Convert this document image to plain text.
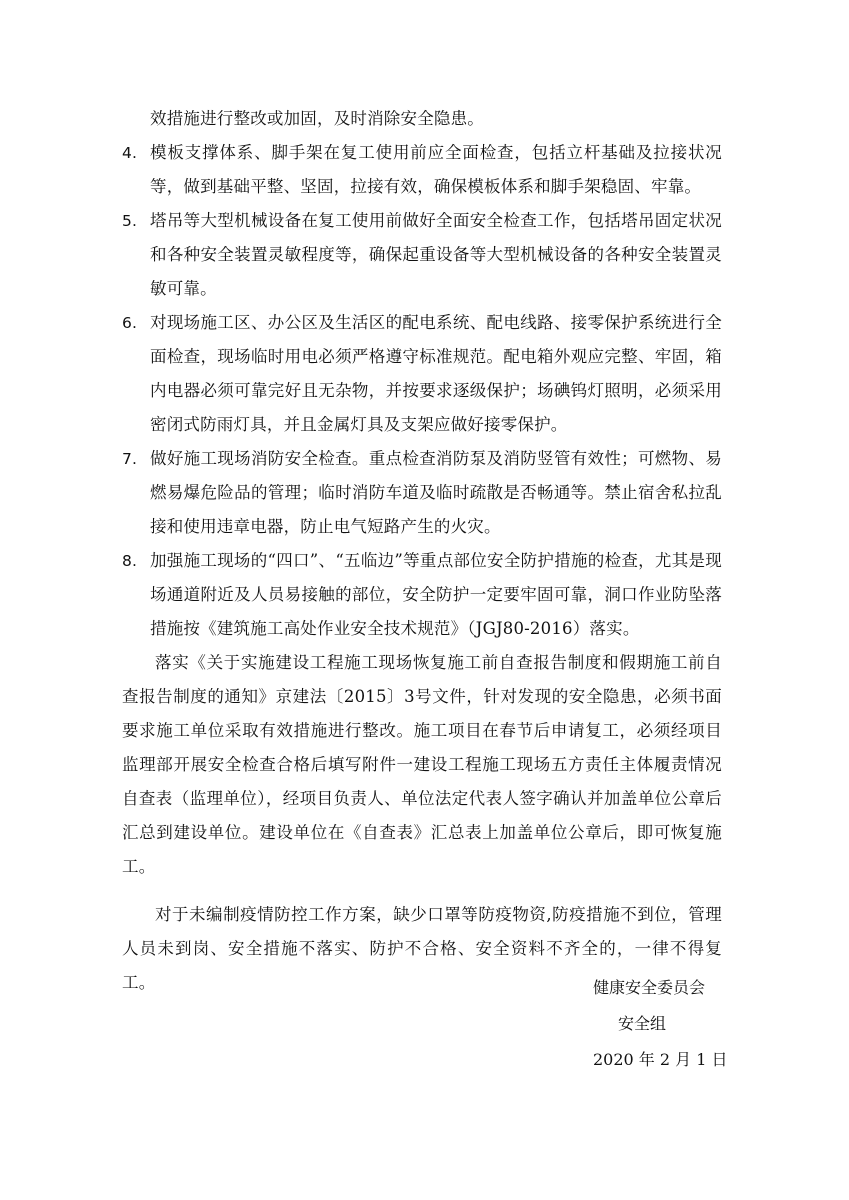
效措施进行整改或加固，及时消除安全隐患。

4. 模板支撑体系、脚手架在复工使用前应全面检查，包括立杆基础及拉接状况等，做到基础平整、坚固，拉接有效，确保模板体系和脚手架稳固、牢靠。
5. 塔吊等大型机械设备在复工使用前做好全面安全检查工作，包括塔吊固定状况和各种安全装置灵敏程度等，确保起重设备等大型机械设备的各种安全装置灵敏可靠。
6. 对现场施工区、办公区及生活区的配电系统、配电线路、接零保护系统进行全面检查，现场临时用电必须严格遵守标准规范。配电箱外观应完整、牢固，箱内电器必须可靠完好且无杂物，并按要求逐级保护；场碘钨灯照明，必须采用密闭式防雨灯具，并且金属灯具及支架应做好接零保护。
7. 做好施工现场消防安全检查。重点检查消防泵及消防竖管有效性；可燃物、易燃易爆危险品的管理；临时消防车道及临时疏散是否畅通等。禁止宿舍私拉乱接和使用违章电器，防止电气短路产生的火灾。
8. 加强施工现场的“四口”、“五临边”等重点部位安全防护措施的检查，尤其是现场通道附近及人员易接触的部位，安全防护一定要牢固可靠，洞口作业防坠落措施按《建筑施工高处作业安全技术规范》（JGJ80-2016）落实。

落实《关于实施建设工程施工现场恢复施工前自查报告制度和假期施工前自查报告制度的通知》京建法〔2015〕3号文件，针对发现的安全隐患，必须书面要求施工单位采取有效措施进行整改。施工项目在春节后申请复工，必须经项目监理部开展安全检查合格后填写附件一建设工程施工现场五方责任主体履责情况自查表（监理单位），经项目负责人、单位法定代表人签字确认并加盖单位公章后汇总到建设单位。建设单位在《自查表》汇总表上加盖单位公章后，即可恢复施工。

对于未编制疫情防控工作方案，缺少口罩等防疫物资,防疫措施不到位，管理人员未到岗、安全措施不落实、防护不合格、安全资料不齐全的，一律不得复工。	健康安全委员会
安全组
2020 年 2 月 1 日
